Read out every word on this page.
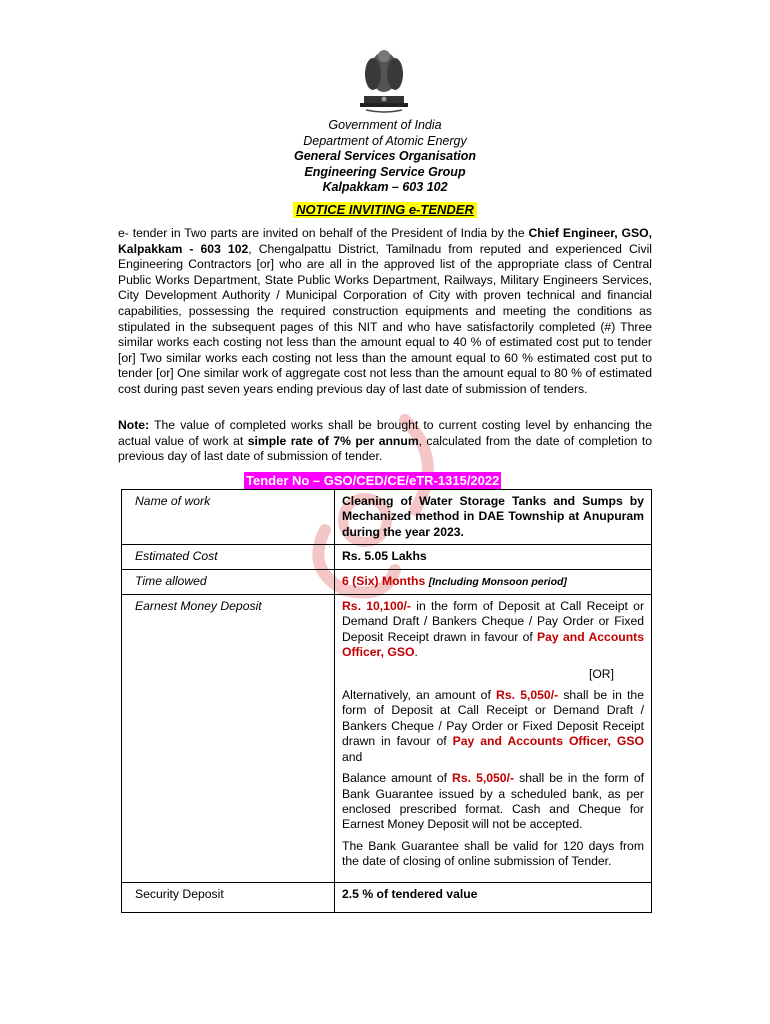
Government of India
Department of Atomic Energy
General Services Organisation
Engineering Service Group
Kalpakkam – 603 102
NOTICE INVITING e-TENDER
e- tender in Two parts are invited on behalf of the President of India by the Chief Engineer, GSO, Kalpakkam - 603 102, Chengalpattu District, Tamilnadu from reputed and experienced Civil Engineering Contractors [or] who are all in the approved list of the appropriate class of Central Public Works Department, State Public Works Department, Railways, Military Engineers Services, City Development Authority / Municipal Corporation of City with proven technical and financial capabilities, possessing the required construction equipments and meeting the conditions as stipulated in the subsequent pages of this NIT and who have satisfactorily completed (#) Three similar works each costing not less than the amount equal to 40 % of estimated cost put to tender [or] Two similar works each costing not less than the amount equal to 60 % estimated cost put to tender [or] One similar work of aggregate cost not less than the amount equal to 80 % of estimated cost during past seven years ending previous day of last date of submission of tenders.
Note: The value of completed works shall be brought to current costing level by enhancing the actual value of work at simple rate of 7% per annum, calculated from the date of completion to previous day of last date of submission of tender.
Tender No – GSO/CED/CE/eTR-1315/2022
Name of work	Cleaning of Water Storage Tanks and Sumps by Mechanized method in DAE Township at Anupuram during the year 2023.
Estimated Cost	Rs. 5.05 Lakhs
Time allowed	6 (Six) Months [Including Monsoon period]
Earnest Money Deposit	Rs. 10,100/- in the form of Deposit at Call Receipt or Demand Draft / Bankers Cheque / Pay Order or Fixed Deposit Receipt drawn in favour of Pay and Accounts Officer, GSO.

[OR]

Alternatively, an amount of Rs. 5,050/- shall be in the form of Deposit at Call Receipt or Demand Draft / Bankers Cheque / Pay Order or Fixed Deposit Receipt drawn in favour of Pay and Accounts Officer, GSO and

Balance amount of Rs. 5,050/- shall be in the form of Bank Guarantee issued by a scheduled bank, as per enclosed prescribed format. Cash and Cheque for Earnest Money Deposit will not be accepted.

The Bank Guarantee shall be valid for 120 days from the date of closing of online submission of Tender.

Security Deposit	2.5 % of tendered value
